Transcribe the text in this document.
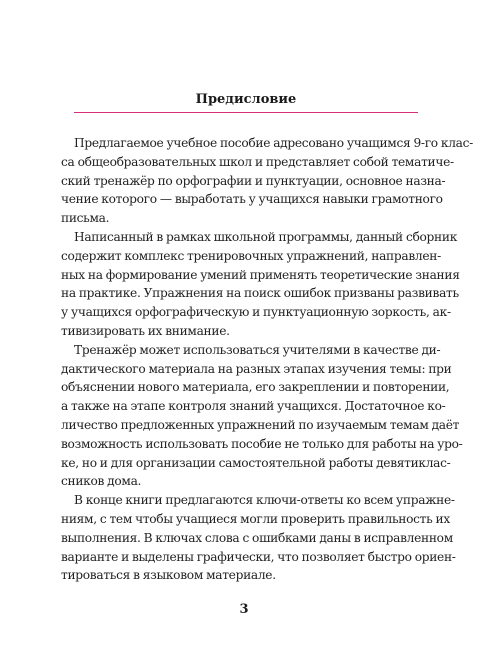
Предисловие
Предлагаемое учебное пособие адресовано учащимся 9-го клас-
са общеобразовательных школ и представляет собой тематиче-
ский тренажёр по орфографии и пунктуации, основное назна-
чение которого — выработать у учащихся навыки грамотного
письма.
Написанный в рамках школьной программы, данный сборник
содержит комплекс тренировочных упражнений, направлен-
ных на формирование умений применять теоретические знания
на практике. Упражнения на поиск ошибок призваны развивать
у учащихся орфографическую и пунктуационную зоркость, ак-
тивизировать их внимание.
Тренажёр может использоваться учителями в качестве ди-
дактического материала на разных этапах изучения темы: при
объяснении нового материала, его закреплении и повторении,
а также на этапе контроля знаний учащихся. Достаточное ко-
личество предложенных упражнений по изучаемым темам даёт
возможность использовать пособие не только для работы на уро-
ке, но и для организации самостоятельной работы девятиклас-
сников дома.
В конце книги предлагаются ключи-ответы ко всем упражне-
ниям, с тем чтобы учащиеся могли проверить правильность их
выполнения. В ключах слова с ошибками даны в исправленном
варианте и выделены графически, что позволяет быстро ориен-
тироваться в языковом материале.
3
